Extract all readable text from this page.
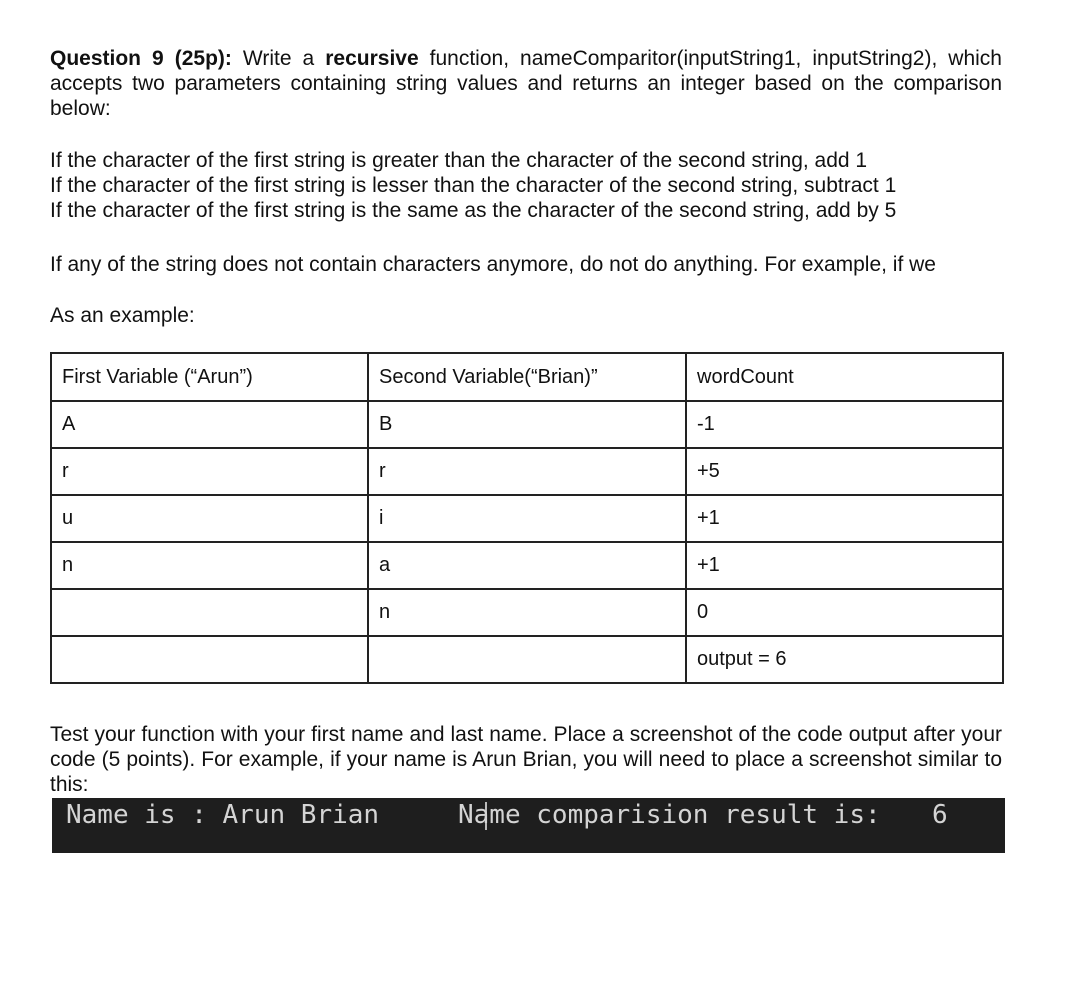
Question 9 (25p): Write a recursive function, nameComparitor(inputString1, inputString2), which accepts two parameters containing string values and returns an integer based on the comparison below:

If the character of the first string is greater than the character of the second string, add 1
If the character of the first string is lesser than the character of the second string, subtract 1
If the character of the first string is the same as the character of the second string, add by 5

If any of the string does not contain characters anymore, do not do anything. For example, if we

As an example:

First Variable (“Arun”)	Second Variable(“Brian)”	wordCount
A	B	-1
r	r	+5
u	i	+1
n	a	+1
	n	0
		output = 6

Test your function with your first name and last name. Place a screenshot of the code output after your code (5 points). For example, if your name is Arun Brian, you will need to place a screenshot similar to this:

Name is : Arun Brian	Name comparision result is: 6
